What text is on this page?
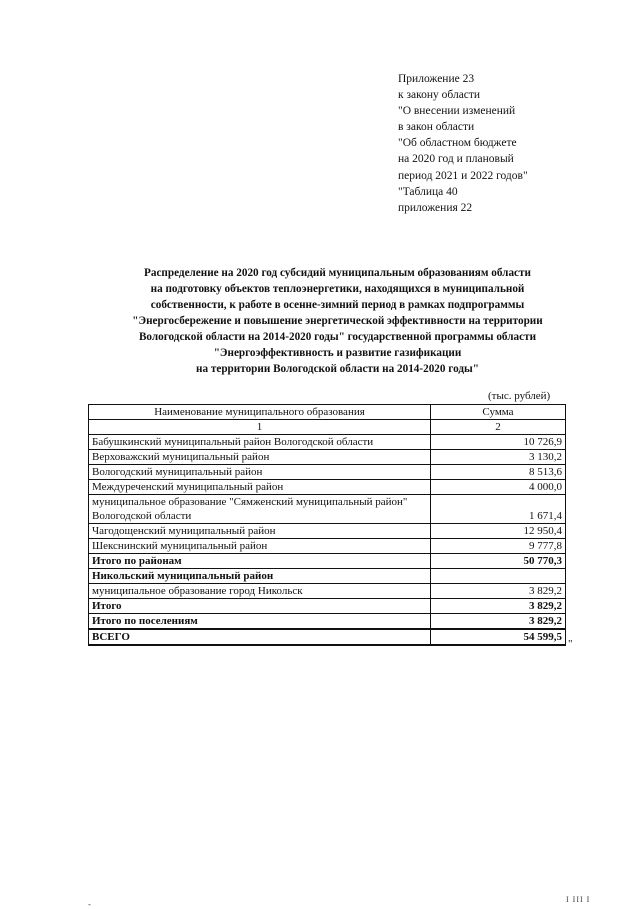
Приложение 23
к закону области
"О внесении изменений
в закон области
"Об областном бюджете
на 2020 год и плановый
период 2021 и 2022 годов"
"Таблица 40
приложения 22
Распределение на 2020 год субсидий муниципальным образованиям области
на подготовку объектов теплоэнергетики, находящихся в муниципальной
собственности, к работе в осенне-зимний период в рамках подпрограммы
"Энергосбережение и повышение энергетической эффективности на территории
Вологодской области на 2014-2020 годы" государственной программы области
"Энергоэффективность и развитие газификации
на территории Вологодской области на 2014-2020 годы"
(тыс. рублей)
Наименование муниципального образования	Сумма
1	2
Бабушкинский муниципальный район Вологодской области	10 726,9
Верховажский муниципальный район	3 130,2
Вологодский муниципальный район	8 513,6
Междуреченский муниципальный район	4 000,0
муниципальное образование "Сямженский муниципальный район" Вологодской области	1 671,4
Чагодощенский муниципальный район	12 950,4
Шекснинский муниципальный район	9 777,8
Итого по районам	50 770,3
Никольский муниципальный район	
муниципальное образование город Никольск	3 829,2
Итого	3 829,2
Итого по поселениям	3 829,2
ВСЕГО	54 599,5
"
-	I III I
